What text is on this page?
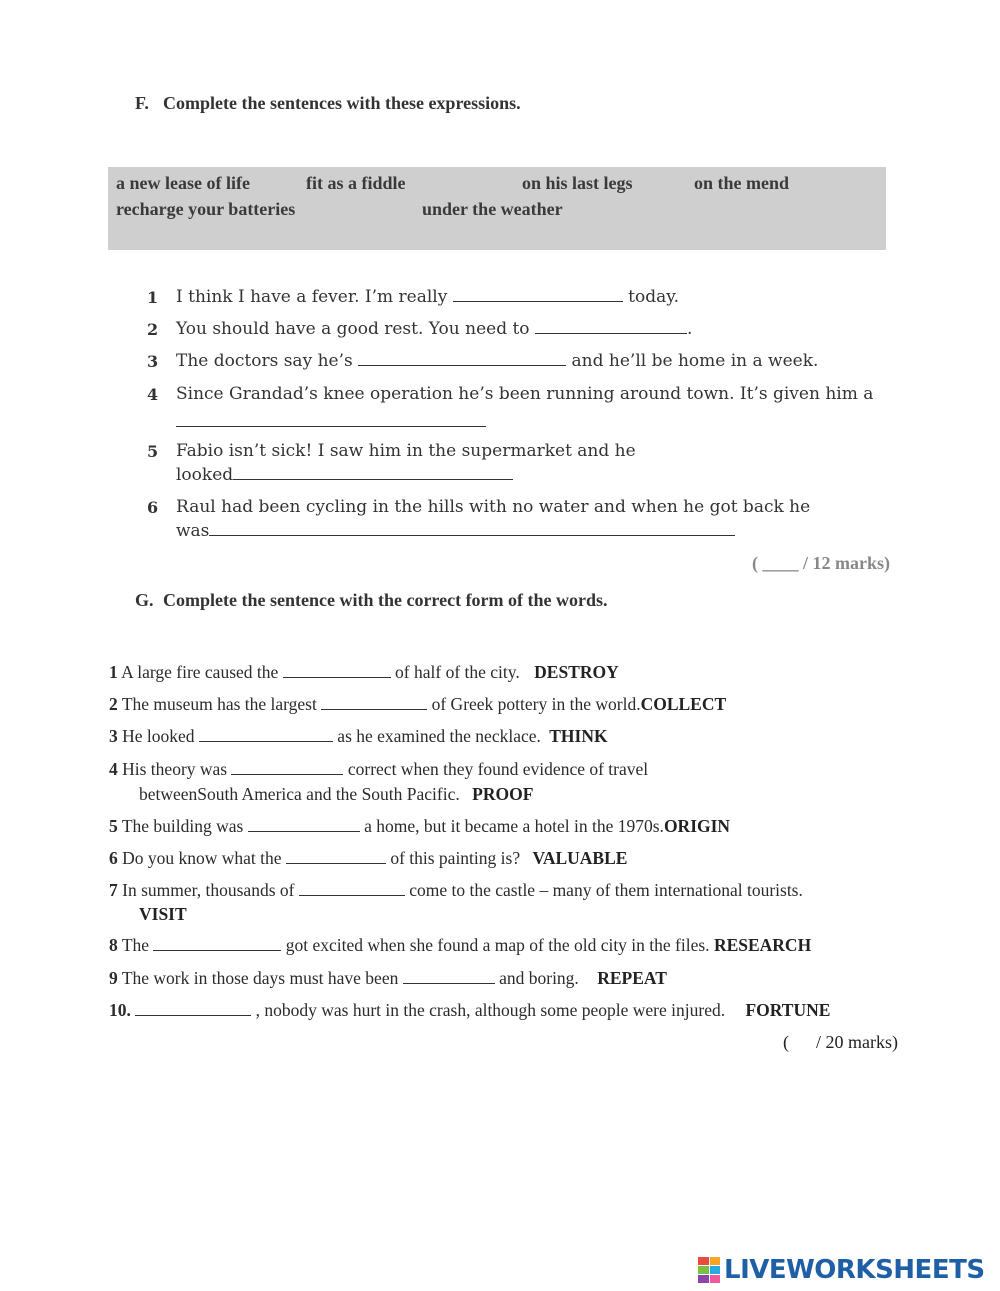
F. Complete the sentences with these expressions.
a new lease of life	fit as a fiddle	on his last legs	on the mend
recharge your batteries	under the weather
1 I think I have a fever. I’m really	today.
2 You should have a good rest. You need to	.
3 The doctors say he’s	and he’ll be home in a week.
4 Since Grandad’s knee operation he’s been running around town. It’s given him a
5 Fabio isn’t sick! I saw him in the supermarket and he
looked
6 Raul had been cycling in the hills with no water and when he got back he
was
( ____ / 12 marks)
G. Complete the sentence with the correct form of the words.
1 A large fire caused the	of half of the city. DESTROY
2 The museum has the largest	of Greek pottery in the world.COLLECT
3 He looked	as he examined the necklace. THINK
4 His theory was	correct when they found evidence of travel
betweenSouth America and the South Pacific. PROOF
5 The building was	a home, but it became a hotel in the 1970s.ORIGIN
6 Do you know what the	of this painting is? VALUABLE
7 In summer, thousands of	come to the castle – many of them international tourists.
VISIT
8 The	got excited when she found a map of the old city in the files. RESEARCH
9 The work in those days must have been	and boring. REPEAT
10.	, nobody was hurt in the crash, although some people were injured. FORTUNE
(      / 20 marks)
LIVEWORKSHEETS
